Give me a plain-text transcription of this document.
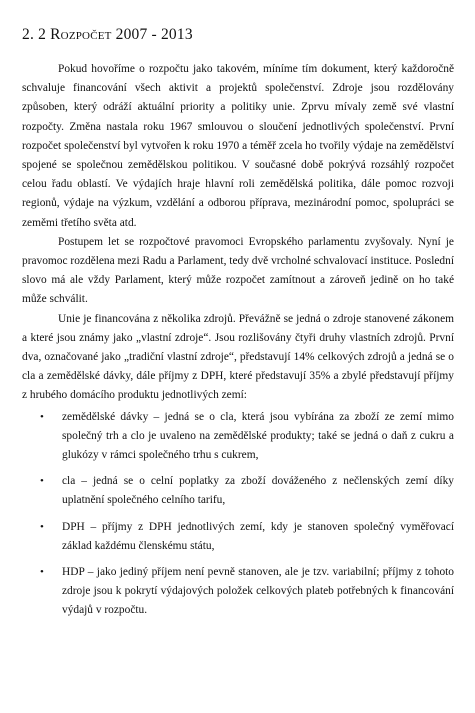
2. 2 Rozpočet 2007 - 2013

Pokud hovoříme o rozpočtu jako takovém, míníme tím dokument, který každoročně schvaluje financování všech aktivit a projektů společenství. Zdroje jsou rozdělovány způsoben, který odráží aktuální priority a politiky unie. Zprvu mívaly země své vlastní rozpočty. Změna nastala roku 1967 smlouvou o sloučení jednotlivých společenství. První rozpočet společenství byl vytvořen k roku 1970 a téměř zcela ho tvořily výdaje na zemědělství spojené se společnou zemědělskou politikou. V současné době pokrývá rozsáhlý rozpočet celou řadu oblastí. Ve výdajích hraje hlavní roli zemědělská politika, dále pomoc rozvoji regionů, výdaje na výzkum, vzdělání a odborou příprava, mezinárodní pomoc, spolupráci se zeměmi třetího světa atd.

Postupem let se rozpočtové pravomoci Evropského parlamentu zvyšovaly. Nyní je pravomoc rozdělena mezi Radu a Parlament, tedy dvě vrcholné schvalovací instituce. Poslední slovo má ale vždy Parlament, který může rozpočet zamítnout a zároveň jedině on ho také může schválit.

Unie je financována z několika zdrojů. Převážně se jedná o zdroje stanovené zákonem a které jsou známy jako „vlastní zdroje“. Jsou rozlišovány čtyři druhy vlastních zdrojů. První dva, označované jako „tradiční vlastní zdroje“, představují 14% celkových zdrojů a jedná se o cla a zemědělské dávky, dále příjmy z DPH, které představují 35% a zbylé představují příjmy z hrubého domácího produktu jednotlivých zemí:

• zemědělské dávky – jedná se o cla, která jsou vybírána za zboží ze zemí mimo společný trh a clo je uvaleno na zemědělské produkty; také se jedná o daň z cukru a glukózy v rámci společného trhu s cukrem,
• cla – jedná se o celní poplatky za zboží dováženého z nečlenských zemí díky uplatnění společného celního tarifu,
• DPH – příjmy z DPH jednotlivých zemí, kdy je stanoven společný vyměřovací základ každému členskému státu,
• HDP – jako jediný příjem není pevně stanoven, ale je tzv. variabilní; příjmy z tohoto zdroje jsou k pokrytí výdajových položek celkových plateb potřebných k financování výdajů v rozpočtu.
